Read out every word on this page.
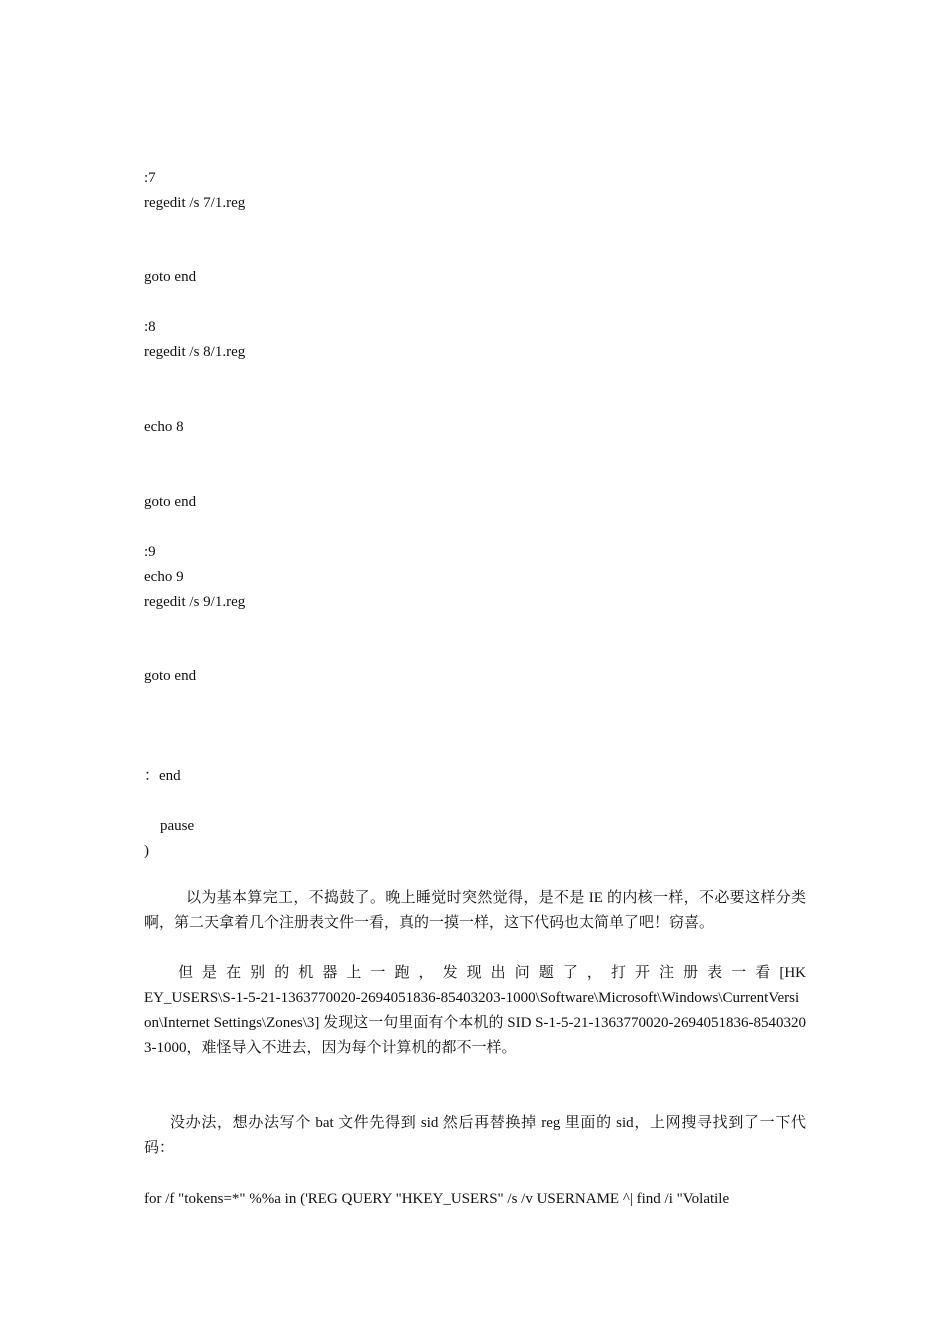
:7
regedit /s 7/1.reg
goto end
:8
regedit /s 8/1.reg
echo 8
goto end
:9
echo 9
regedit /s 9/1.reg
goto end
：end
pause
)
以为基本算完工，不捣鼓了。晚上睡觉时突然觉得，是不是 IE 的内核一样，不必要这样分类啊，第二天拿着几个注册表文件一看，真的一摸一样，这下代码也太简单了吧！窃喜。
但是在别的机器上一跑，发现出问题了，打开注册表一看[HKEY_USERS\S-1-5-21-1363770020-2694051836-85403203-1000\Software\Microsoft\Windows\CurrentVersion\Internet Settings\Zones\3] 发现这一句里面有个本机的 SID S-1-5-21-1363770020-2694051836-85403203-1000，难怪导入不进去，因为每个计算机的都不一样。
没办法，想办法写个 bat 文件先得到 sid 然后再替换掉 reg 里面的 sid，上网搜寻找到了一下代码：
for /f "tokens=*" %%a in ('REG QUERY "HKEY_USERS" /s /v USERNAME ^| find /i "Volatile
